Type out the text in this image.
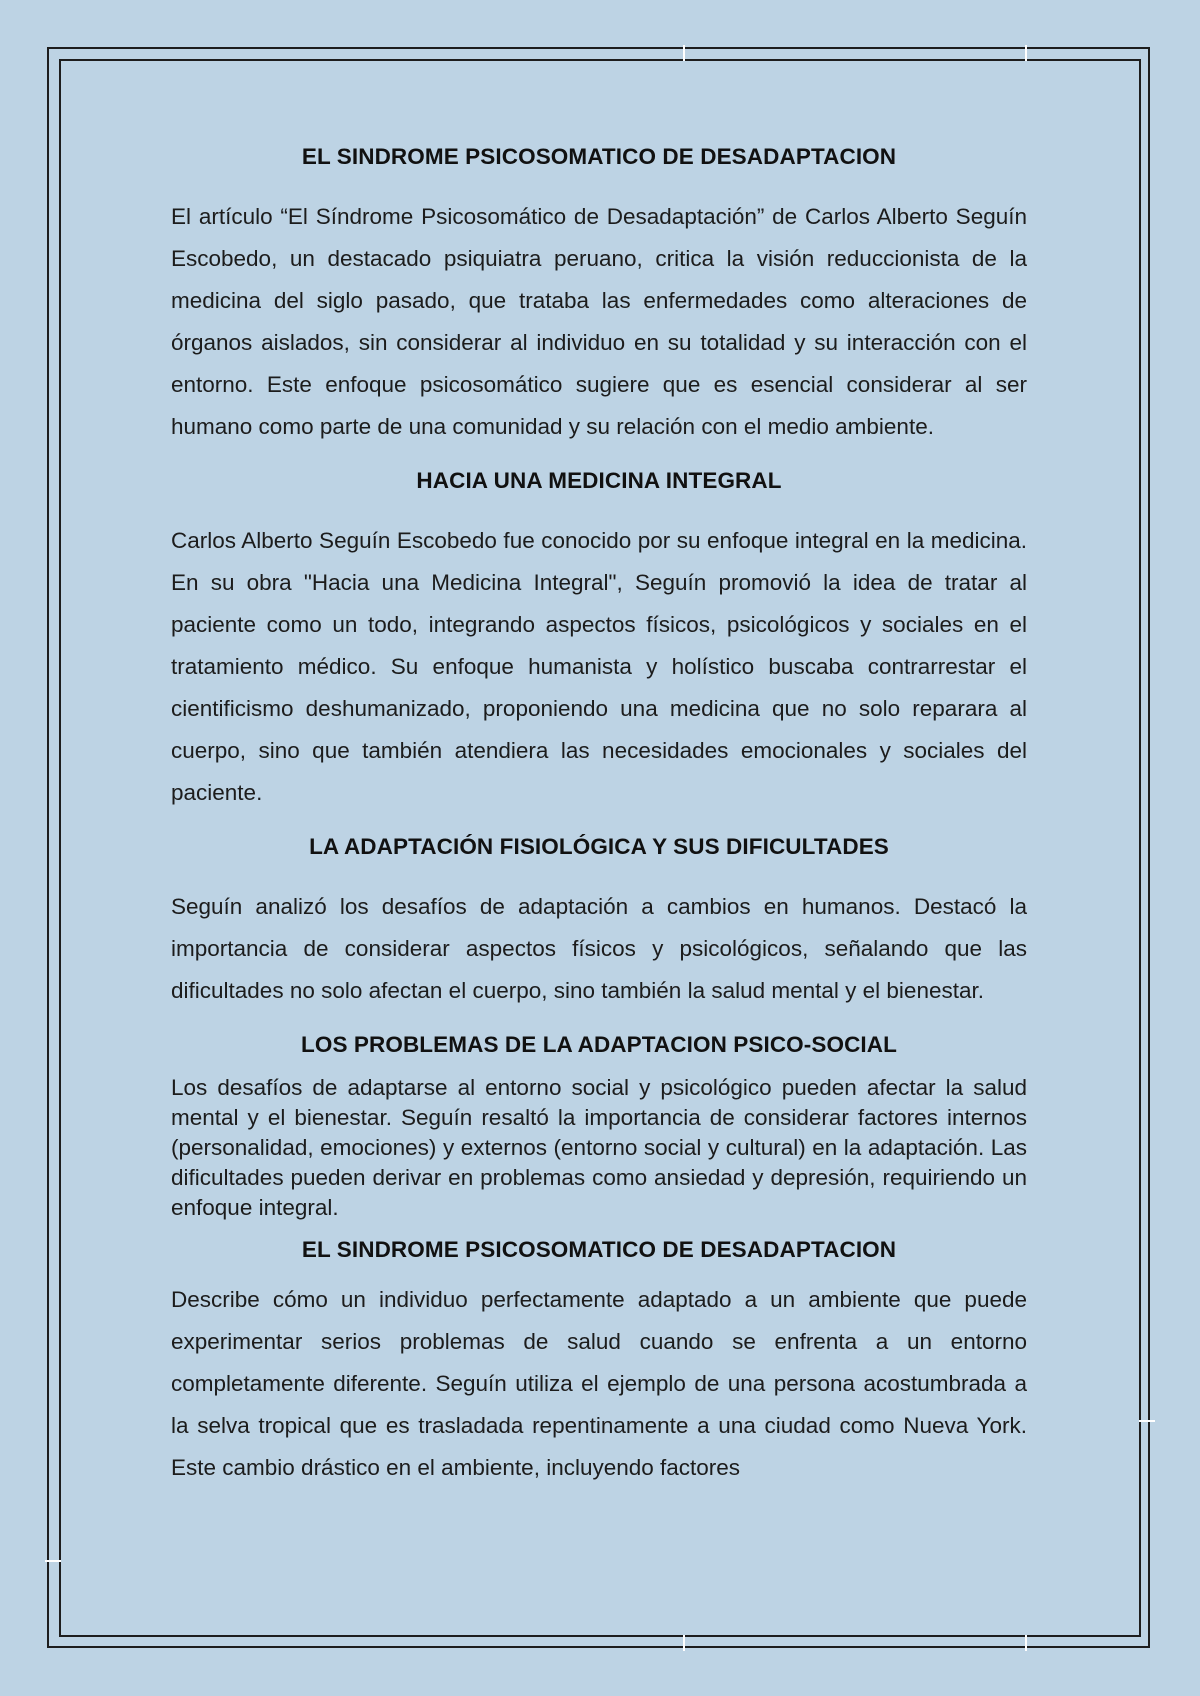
EL SINDROME PSICOSOMATICO DE DESADAPTACION

El artículo “El Síndrome Psicosomático de Desadaptación” de Carlos Alberto Seguín Escobedo, un destacado psiquiatra peruano, critica la visión reduccionista de la medicina del siglo pasado, que trataba las enfermedades como alteraciones de órganos aislados, sin considerar al individuo en su totalidad y su interacción con el entorno. Este enfoque psicosomático sugiere que es esencial considerar al ser humano como parte de una comunidad y su relación con el medio ambiente.

HACIA UNA MEDICINA INTEGRAL

Carlos Alberto Seguín Escobedo fue conocido por su enfoque integral en la medicina. En su obra "Hacia una Medicina Integral", Seguín promovió la idea de tratar al paciente como un todo, integrando aspectos físicos, psicológicos y sociales en el tratamiento médico. Su enfoque humanista y holístico buscaba contrarrestar el cientificismo deshumanizado, proponiendo una medicina que no solo reparara al cuerpo, sino que también atendiera las necesidades emocionales y sociales del paciente.

LA ADAPTACIÓN FISIOLÓGICA Y SUS DIFICULTADES

Seguín analizó los desafíos de adaptación a cambios en humanos. Destacó la importancia de considerar aspectos físicos y psicológicos, señalando que las dificultades no solo afectan el cuerpo, sino también la salud mental y el bienestar.

LOS PROBLEMAS DE LA ADAPTACION PSICO-SOCIAL

Los desafíos de adaptarse al entorno social y psicológico pueden afectar la salud mental y el bienestar. Seguín resaltó la importancia de considerar factores internos (personalidad, emociones) y externos (entorno social y cultural) en la adaptación. Las dificultades pueden derivar en problemas como ansiedad y depresión, requiriendo un enfoque integral.

EL SINDROME PSICOSOMATICO DE DESADAPTACION

Describe cómo un individuo perfectamente adaptado a un ambiente que puede experimentar serios problemas de salud cuando se enfrenta a un entorno completamente diferente. Seguín utiliza el ejemplo de una persona acostumbrada a la selva tropical que es trasladada repentinamente a una ciudad como Nueva York. Este cambio drástico en el ambiente, incluyendo factores
